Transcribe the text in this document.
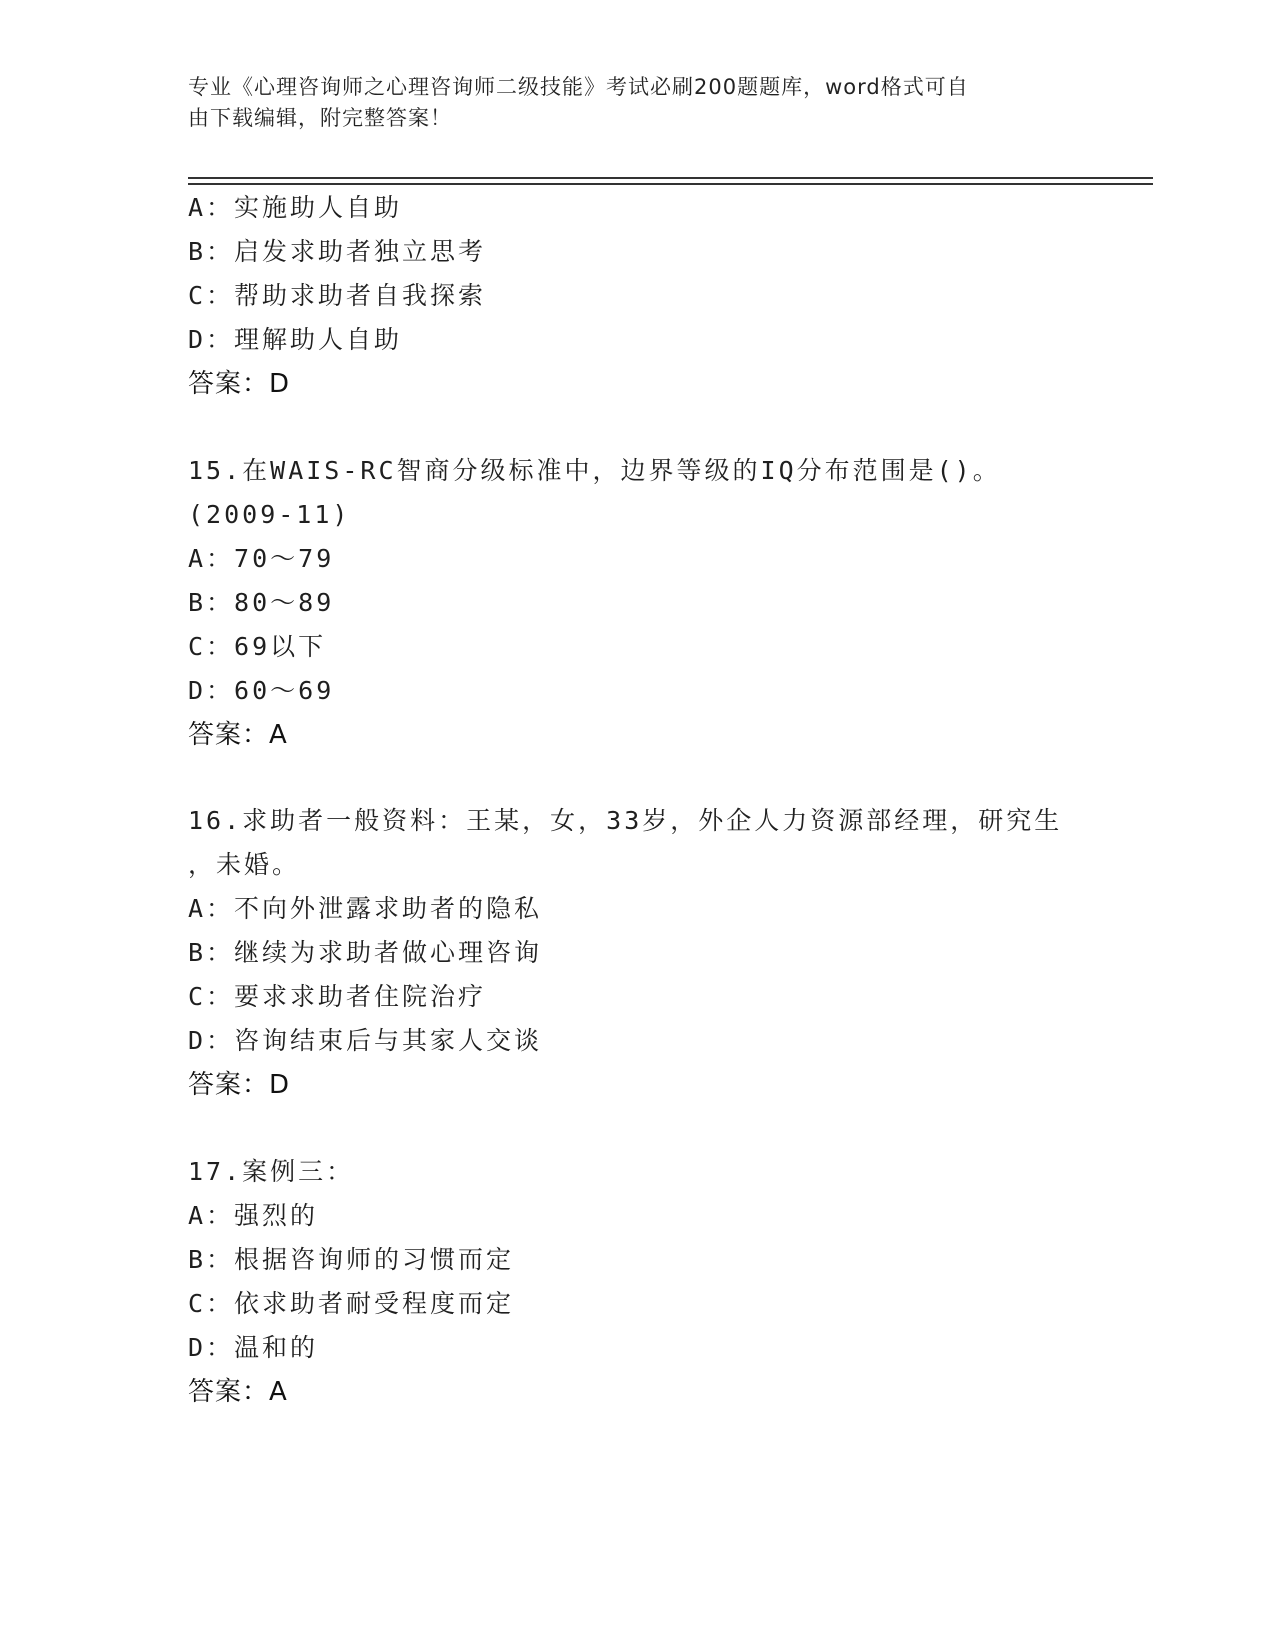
专业《心理咨询师之心理咨询师二级技能》考试必刷200题题库，word格式可自
由下载编辑，附完整答案！
A：实施助人自助
B：启发求助者独立思考
C：帮助求助者自我探索
D：理解助人自助
答案：D
15.在WAIS-RC智商分级标准中，边界等级的IQ分布范围是()。
(2009-11)
A：70～79
B：80～89
C：69以下
D：60～69
答案：A
16.求助者一般资料：王某，女，33岁，外企人力资源部经理，研究生
，未婚。
A：不向外泄露求助者的隐私
B：继续为求助者做心理咨询
C：要求求助者住院治疗
D：咨询结束后与其家人交谈
答案：D
17.案例三：
A：强烈的
B：根据咨询师的习惯而定
C：依求助者耐受程度而定
D：温和的
答案：A
